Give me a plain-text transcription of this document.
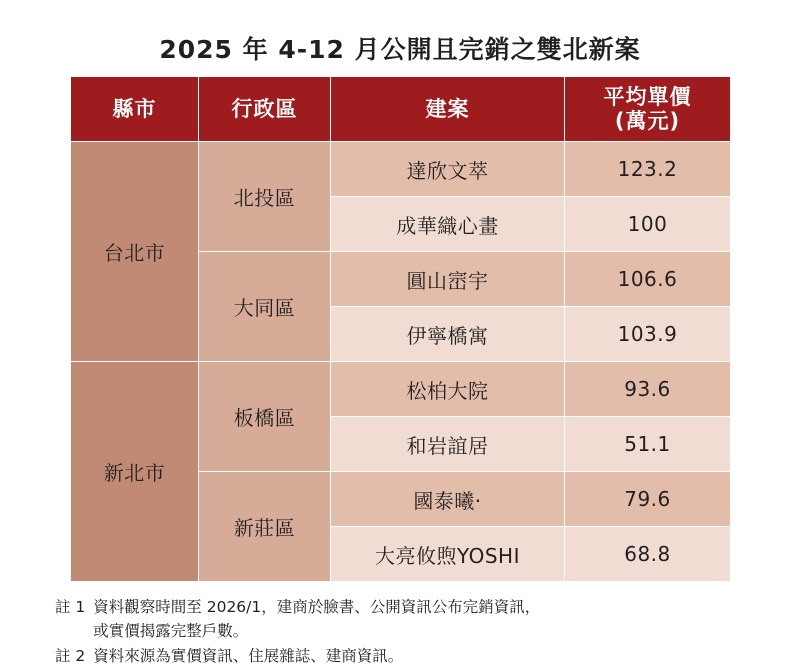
2025 年 4-12 月公開且完銷之雙北新案
縣市	行政區	建案	平均單價
(萬元)

台北市	北投區	達欣文萃	123.2
		成華織心畫	100
	大同區	圓山崈宇	106.6
		伊寧橋寓	103.9
新北市	板橋區	松柏大院	93.6
		和岩誼居	51.1
	新莊區	國泰曦‧	79.6
		大亮攸煦YOSHI	68.8
註 1 資料觀察時間至 2026/1，建商於臉書、公開資訊公布完銷資訊，
或實價揭露完整戶數。
註 2 資料來源為實價資訊、住展雜誌、建商資訊。
